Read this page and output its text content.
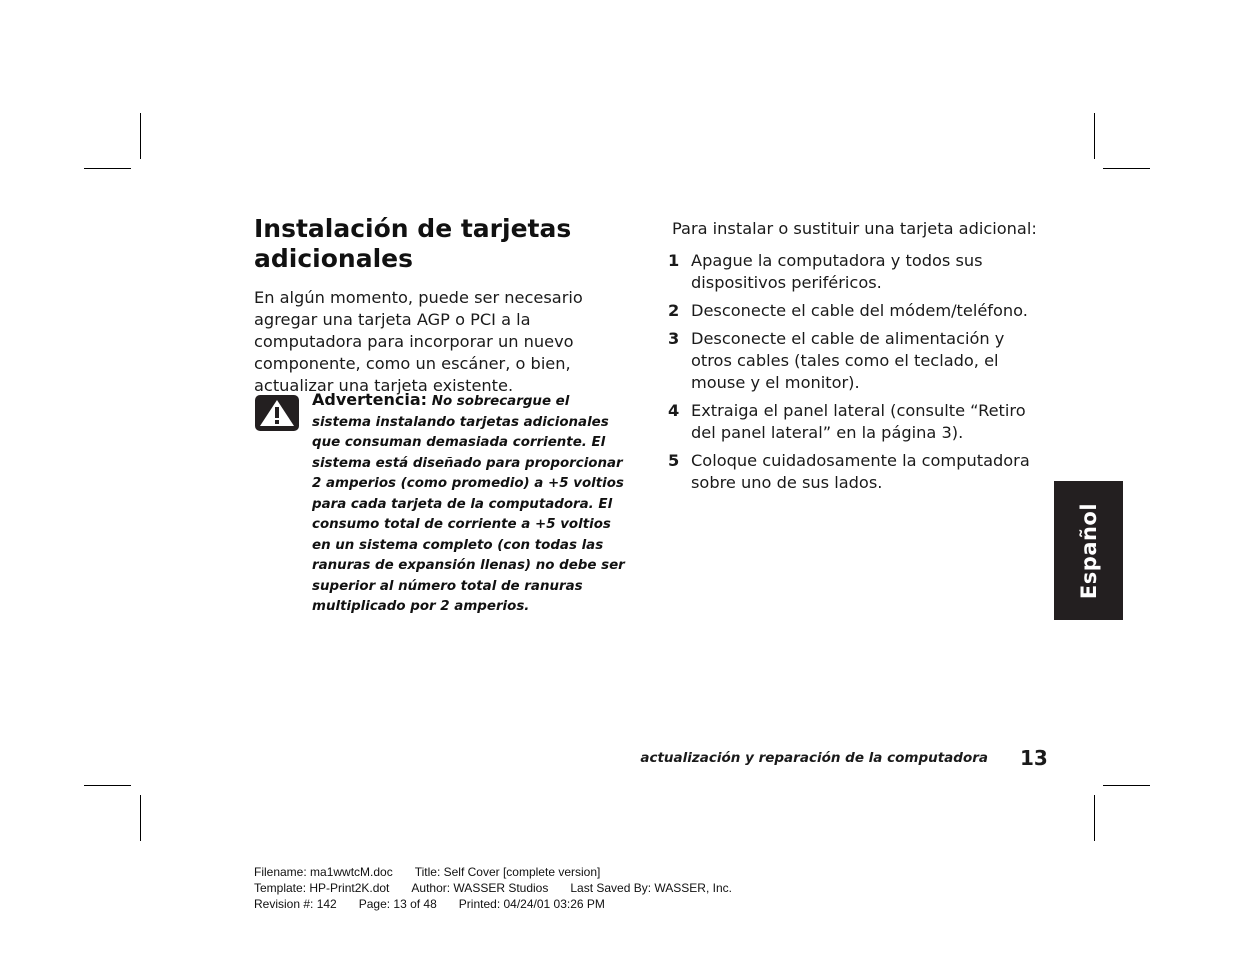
Instalación de tarjetas adicionales

En algún momento, puede ser necesario agregar una tarjeta AGP o PCI a la computadora para incorporar un nuevo componente, como un escáner, o bien, actualizar una tarjeta existente.

Advertencia: No sobrecargue el sistema instalando tarjetas adicionales que consuman demasiada corriente. El sistema está diseñado para proporcionar 2 amperios (como promedio) a +5 voltios para cada tarjeta de la computadora. El consumo total de corriente a +5 voltios en un sistema completo (con todas las ranuras de expansión llenas) no debe ser superior al número total de ranuras multiplicado por 2 amperios.

Para instalar o sustituir una tarjeta adicional:

1 Apague la computadora y todos sus dispositivos periféricos.
2 Desconecte el cable del módem/teléfono.
3 Desconecte el cable de alimentación y otros cables (tales como el teclado, el mouse y el monitor).
4 Extraiga el panel lateral (consulte “Retiro del panel lateral” en la página 3).
5 Coloque cuidadosamente la computadora sobre uno de sus lados.
Español
actualización y reparación de la computadora 13
Filename: ma1wwtcM.doc Title: Self Cover [complete version]
Template: HP-Print2K.dot Author: WASSER Studios Last Saved By: WASSER, Inc.
Revision #: 142 Page: 13 of 48 Printed: 04/24/01 03:26 PM
